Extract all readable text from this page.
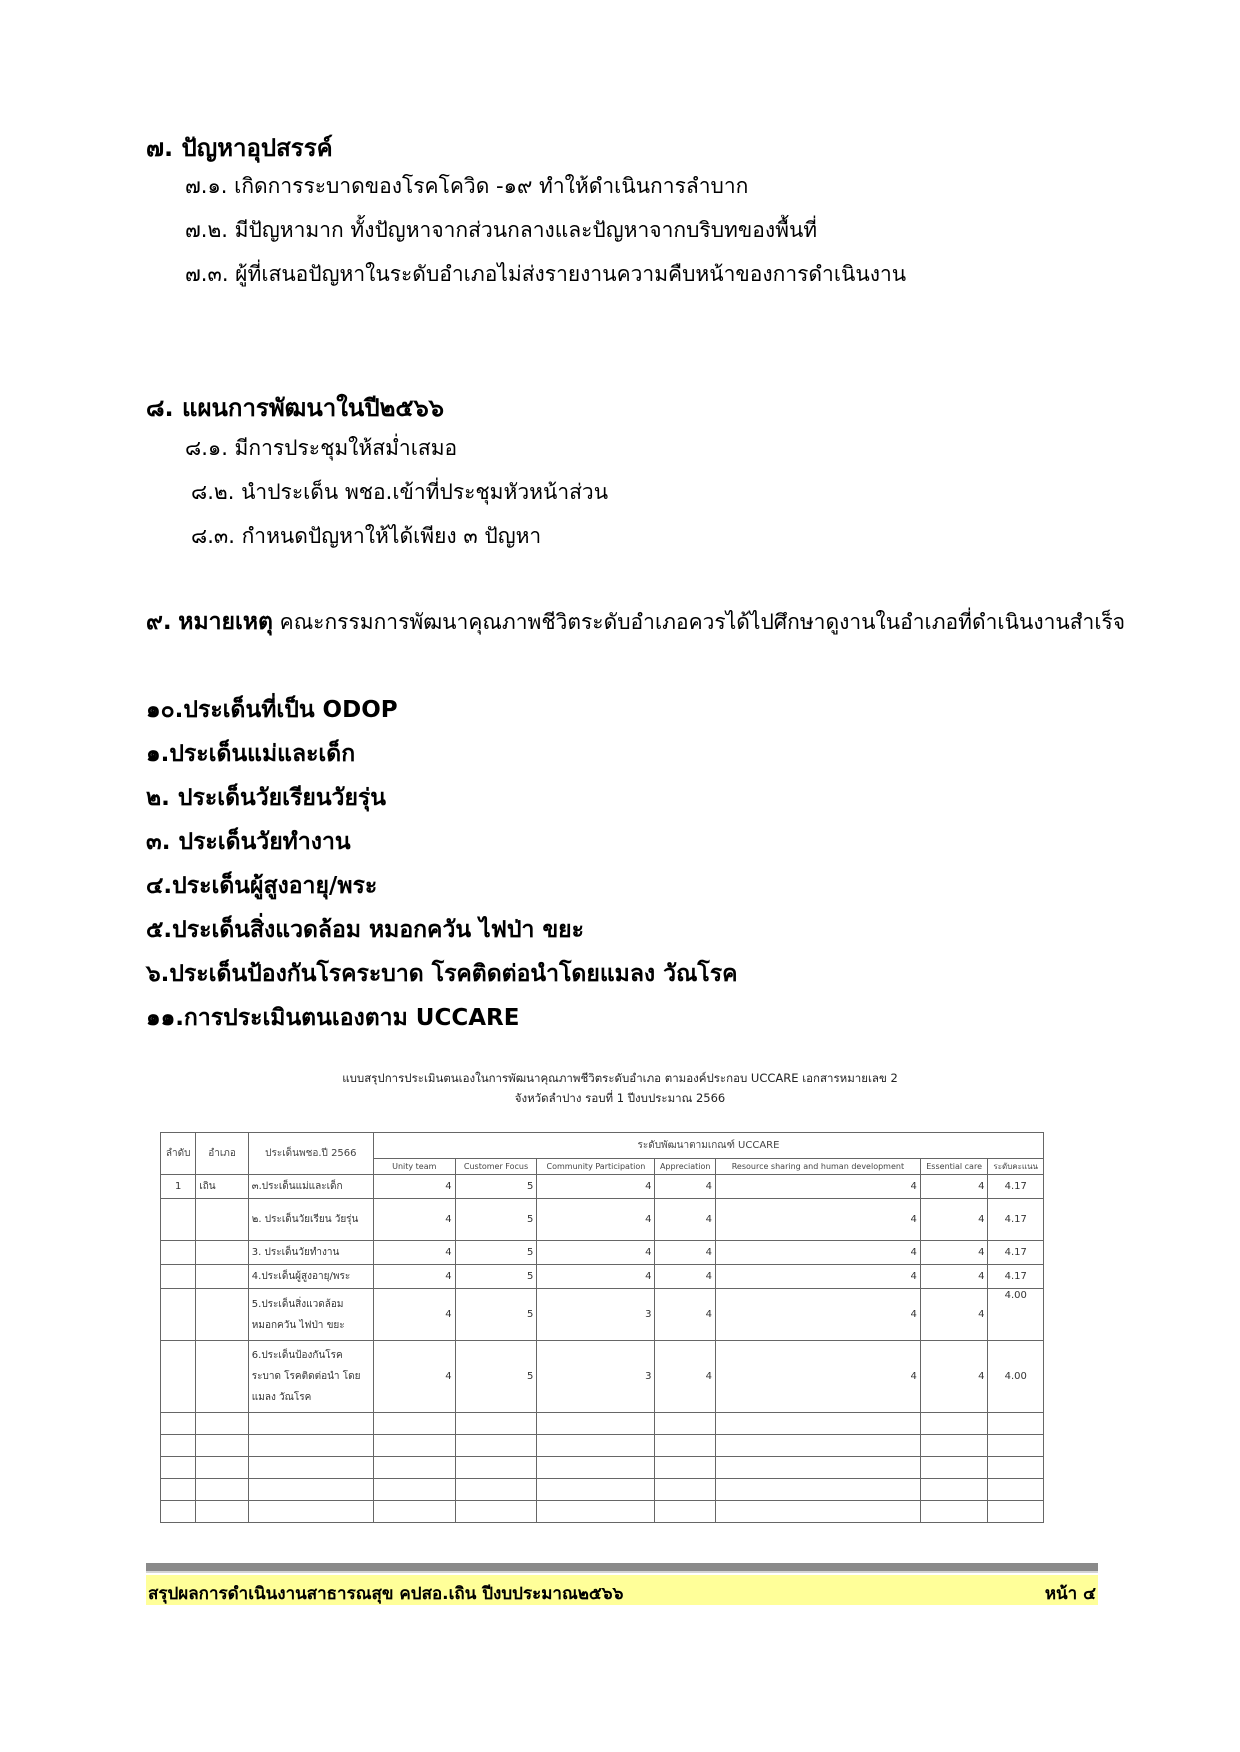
๗. ปัญหาอุปสรรค์
๗.๑. เกิดการระบาดของโรคโควิด -๑๙ ทำให้ดำเนินการลำบาก
๗.๒. มีปัญหามาก ทั้งปัญหาจากส่วนกลางและปัญหาจากบริบทของพื้นที่
๗.๓. ผู้ที่เสนอปัญหาในระดับอำเภอไม่ส่งรายงานความคืบหน้าของการดำเนินงาน
๘. แผนการพัฒนาในปี๒๕๖๖
๘.๑. มีการประชุมให้สม่ำเสมอ
๘.๒. นำประเด็น พชอ.เข้าที่ประชุมหัวหน้าส่วน
๘.๓. กำหนดปัญหาให้ได้เพียง ๓ ปัญหา
๙. หมายเหตุ คณะกรรมการพัฒนาคุณภาพชีวิตระดับอำเภอควรได้ไปศึกษาดูงานในอำเภอที่ดำเนินงานสำเร็จ
๑๐.ประเด็นที่เป็น ODOP
๑.ประเด็นแม่และเด็ก
๒. ประเด็นวัยเรียนวัยรุ่น
๓. ประเด็นวัยทำงาน
๔.ประเด็นผู้สูงอายุ/พระ
๕.ประเด็นสิ่งแวดล้อม หมอกควัน ไฟป่า ขยะ
๖.ประเด็นป้องกันโรคระบาด โรคติดต่อนำโดยแมลง วัณโรค
๑๑.การประเมินตนเองตาม UCCARE
แบบสรุปการประเมินตนเองในการพัฒนาคุณภาพชีวิตระดับอำเภอ ตามองค์ประกอบ UCCARE เอกสารหมายเลข 2
จังหวัดลำปาง รอบที่ 1 ปีงบประมาณ 2566
ลำดับ	อำเภอ	ประเด็นพชอ.ปี 2566	ระดับพัฒนาตามเกณฑ์ UCCARE						
			Unity team	Customer Focus	Community Participation	Appreciation	Resource sharing and human development	Essential care	ระดับคะแนน
1	เถิน	๓.ประเด็นแม่และเด็ก	4	5	4	4	4	4	4.17
		๒. ประเด็นวัยเรียน วัยรุ่น	4	5	4	4	4	4	4.17
		3. ประเด็นวัยทำงาน	4	5	4	4	4	4	4.17
		4.ประเด็นผู้สูงอายุ/พระ	4	5	4	4	4	4	4.17
		5.ประเด็นสิ่งแวดล้อม หมอกควัน ไฟป่า ขยะ	4	5	3	4	4	4	4.00
		6.ประเด็นป้องกันโรค ระบาด โรคติดต่อนำ โดยแมลง วัณโรค	4	5	3	4	4	4	4.00

สรุปผลการดำเนินงานสาธารณสุข คปสอ.เถิน ปีงบประมาณ๒๕๖๖	หน้า ๔
